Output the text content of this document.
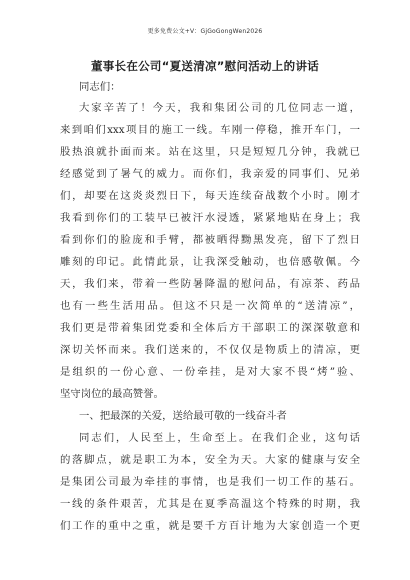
更多免费公文+V：GjGoGongWen2026
董事长在公司“夏送清凉”慰问活动上的讲话
同志们：
大家辛苦了！今天，我和集团公司的几位同志一道，
来到咱们xxx项目的施工一线。车刚一停稳，推开车门，一
股热浪就扑面而来。站在这里，只是短短几分钟，我就已
经感觉到了暑气的威力。而你们，我亲爱的同事们、兄弟
们，却要在这炎炎烈日下，每天连续奋战数个小时。刚才
我看到你们的工装早已被汗水浸透，紧紧地贴在身上；我
看到你们的脸庞和手臂，都被晒得黝黑发亮，留下了烈日
雕刻的印记。此情此景，让我深受触动，也倍感敬佩。今
天，我们来，带着一些防暑降温的慰问品，有凉茶、药品
也有一些生活用品。但这不只是一次简单的“送清凉”，
我们更是带着集团党委和全体后方干部职工的深深敬意和
深切关怀而来。我们送来的，不仅仅是物质上的清凉，更
是组织的一份心意、一份牵挂，是对大家不畏“烤”验、
坚守岗位的最高赞誉。
一、把最深的关爱，送给最可敬的一线奋斗者
同志们，人民至上，生命至上。在我们企业，这句话
的落脚点，就是职工为本，安全为天。大家的健康与安全
是集团公司最为牵挂的事情，也是我们一切工作的基石。
一线的条件艰苦，尤其是在夏季高温这个特殊的时期，我
们工作的重中之重，就是要千方百计地为大家创造一个更
